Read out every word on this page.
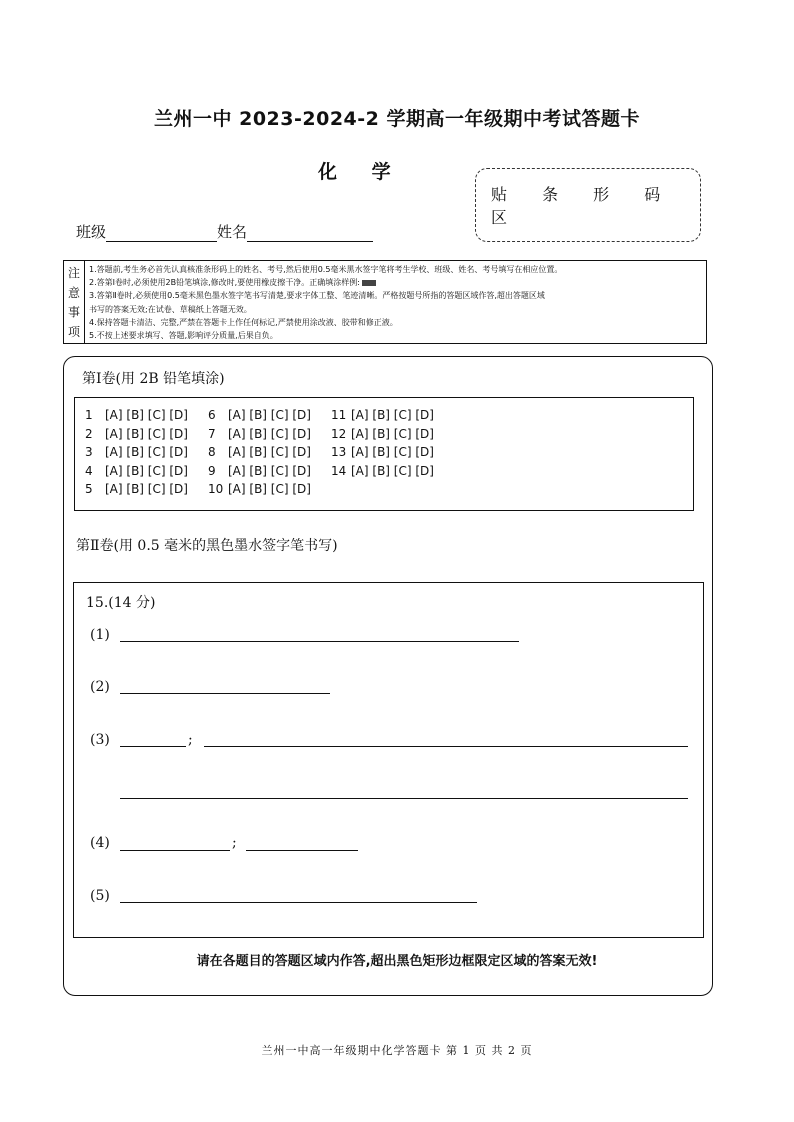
兰州一中 2023-2024-2 学期高一年级期中考试答题卡
化 学
贴 条 形 码 区
班级	姓名
注
意
事
项
1.答题前,考生务必首先认真核准条形码上的姓名、考号,然后使用0.5毫米黑水签字笔将考生学校、班级、姓名、考号填写在相应位置。
2.答第Ⅰ卷时,必须使用2B铅笔填涂,修改时,要使用橡皮擦干净。正确填涂样例:
3.答第Ⅱ卷时,必须使用0.5毫米黑色墨水签字笔书写清楚,要求字体工整、笔迹清晰。严格按题号所指的答题区域作答,超出答题区域
书写的答案无效;在试卷、草稿纸上答题无效。
4.保持答题卡清洁、完整,严禁在答题卡上作任何标记,严禁使用涂改液、胶带和修正液。
5.不按上述要求填写、答题,影响评分质量,后果自负。
第Ⅰ卷(用 2B 铅笔填涂)
1 [A] [B] [C] [D] 6 [A] [B] [C] [D] 11 [A] [B] [C] [D]
2 [A] [B] [C] [D] 7 [A] [B] [C] [D] 12 [A] [B] [C] [D]
3 [A] [B] [C] [D] 8 [A] [B] [C] [D] 13 [A] [B] [C] [D]
4 [A] [B] [C] [D] 9 [A] [B] [C] [D] 14 [A] [B] [C] [D]
5 [A] [B] [C] [D] 10 [A] [B] [C] [D]
第Ⅱ卷(用 0.5 毫米的黑色墨水签字笔书写)
15.(14 分)
(1)
(2)
(3)	;
(4)	;
(5)
请在各题目的答题区域内作答,超出黑色矩形边框限定区域的答案无效!
兰州一中高一年级期中化学答题卡 第 1 页 共 2 页
